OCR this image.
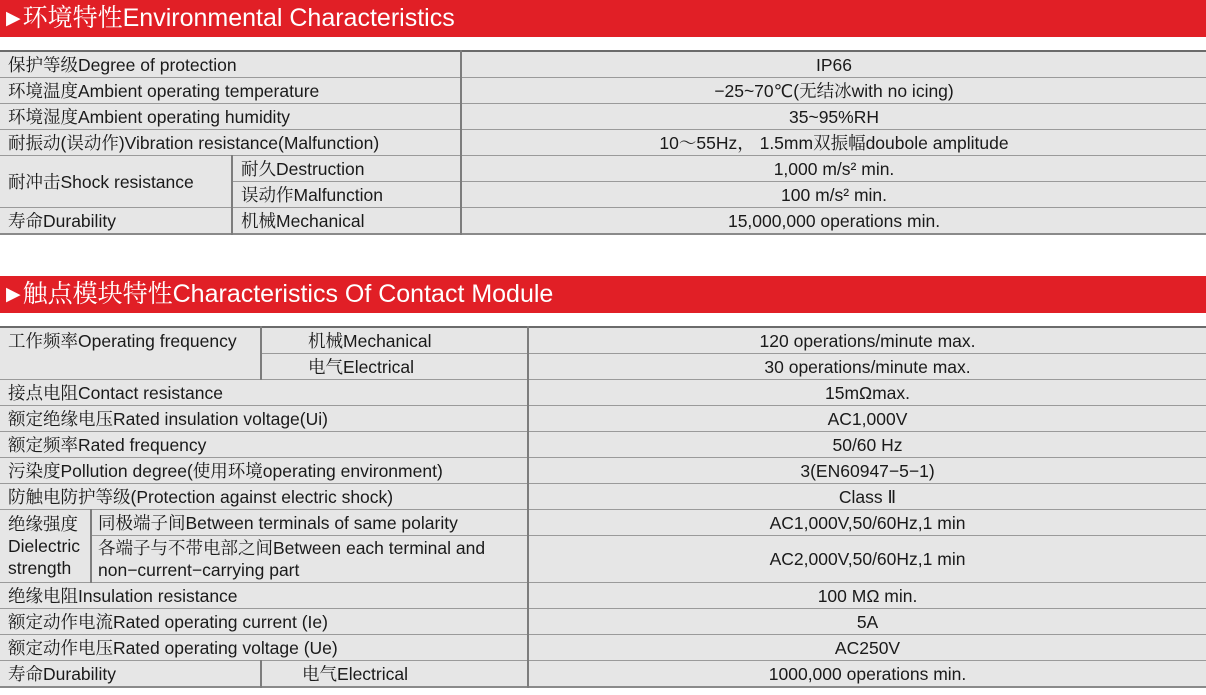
▶环境特性Environmental Characteristics
保护等级Degree of protection		IP66
环境温度Ambient operating temperature		−25~70℃(无结冰with no icing)
环境湿度Ambient operating humidity		35~95%RH
耐振动(误动作)Vibration resistance(Malfunction)		10～55Hz， 1.5mm双振幅doubole amplitude
耐冲击Shock resistance	耐久Destruction	1,000 m/s² min.
	误动作Malfunction	100 m/s² min.
寿命Durability	机械Mechanical	15,000,000 operations min.
▶触点模块特性Characteristics Of Contact Module
工作频率Operating frequency		机械Mechanical	120 operations/minute max.
		电气Electrical	30 operations/minute max.
接点电阻Contact resistance			15mΩmax.
额定绝缘电压Rated insulation voltage(Ui)			AC1,000V
额定频率Rated frequency			50/60 Hz
污染度Pollution degree(使用环境operating environment)			3(EN60947−5−1)
防触电防护等级(Protection against electric shock)			Class Ⅱ
绝缘强度 Dielectric strength	同极端子间Between terminals of same polarity		AC1,000V,50/60Hz,1 min
	各端子与不带电部之间Between each terminal and non−current−carrying part		AC2,000V,50/60Hz,1 min
绝缘电阻Insulation resistance			100 MΩ min.
额定动作电流Rated operating current (Ie)			5A
额定动作电压Rated operating voltage (Ue)			AC250V
寿命Durability		电气Electrical	1000,000 operations min.
